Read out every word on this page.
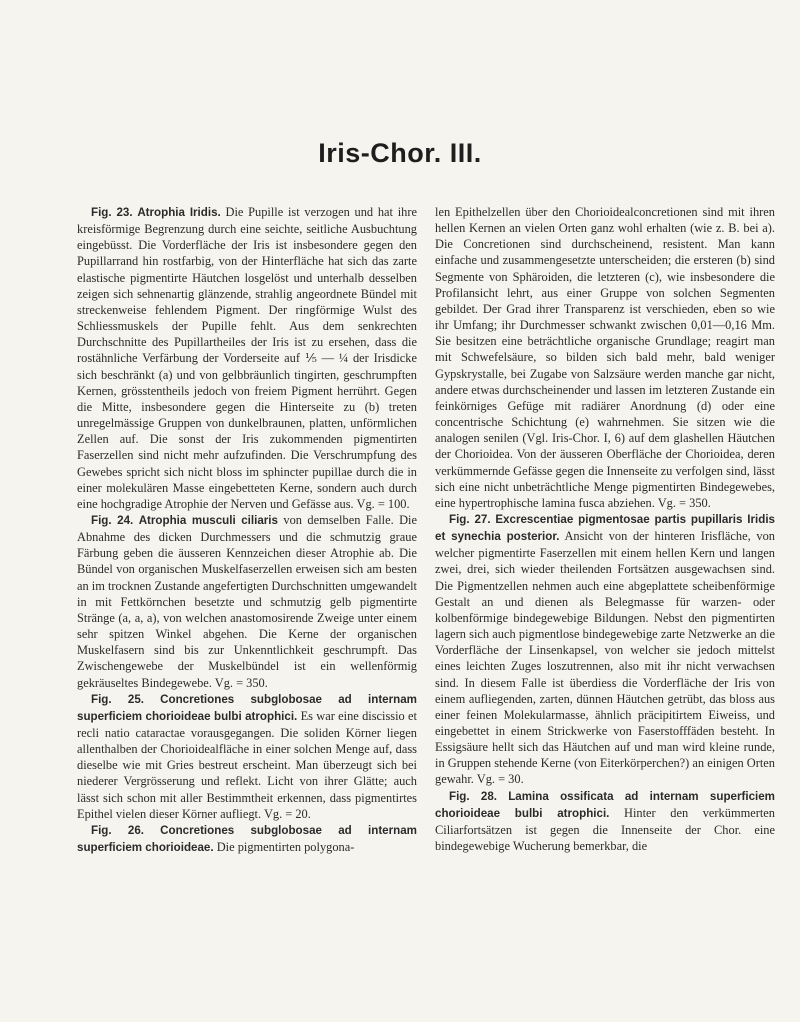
Iris-Chor. III.

Fig. 23. Atrophia Iridis. Die Pupille ist verzogen und hat ihre kreisförmige Begrenzung durch eine seichte, seitliche Ausbuchtung eingebüsst. Die Vorderfläche der Iris ist insbesondere gegen den Pupillarrand hin rostfarbig, von der Hinterfläche hat sich das zarte elastische pigmentirte Häutchen losgelöst und unterhalb desselben zeigen sich sehnenartig glänzende, strahlig angeordnete Bündel mit streckenweise fehlendem Pigment. Der ringförmige Wulst des Schliessmuskels der Pupille fehlt. Aus dem senkrechten Durchschnitte des Pupillartheiles der Iris ist zu ersehen, dass die rostähnliche Verfärbung der Vorderseite auf ⅕ — ¼ der Irisdicke sich beschränkt (a) und von gelbbräunlich tingirten, geschrumpften Kernen, grösstentheils jedoch von freiem Pigment herrührt. Gegen die Mitte, insbesondere gegen die Hinterseite zu (b) treten unregelmässige Gruppen von dunkelbraunen, platten, unförmlichen Zellen auf. Die sonst der Iris zukommenden pigmentirten Faserzellen sind nicht mehr aufzufinden. Die Verschrumpfung des Gewebes spricht sich nicht bloss im sphincter pupillae durch die in einer molekulären Masse eingebetteten Kerne, sondern auch durch eine hochgradige Atrophie der Nerven und Gefässe aus. Vg. = 100.

Fig. 24. Atrophia musculi ciliaris von demselben Falle. Die Abnahme des dicken Durchmessers und die schmutzig graue Färbung geben die äusseren Kennzeichen dieser Atrophie ab. Die Bündel von organischen Muskelfaserzellen erweisen sich am besten an im trocknen Zustande angefertigten Durchschnitten umgewandelt in mit Fettkörnchen besetzte und schmutzig gelb pigmentirte Stränge (a, a, a), von welchen anastomosirende Zweige unter einem sehr spitzen Winkel abgehen. Die Kerne der organischen Muskelfasern sind bis zur Unkenntlichkeit geschrumpft. Das Zwischengewebe der Muskelbündel ist ein wellenförmig gekräuseltes Bindegewebe. Vg. = 350.

Fig. 25. Concretiones subglobosae ad internam superficiem chorioideae bulbi atrophici. Es war eine discissio et recli natio cataractae vorausgegangen. Die soliden Körner liegen allenthalben der Chorioidealfläche in einer solchen Menge auf, dass dieselbe wie mit Gries bestreut erscheint. Man überzeugt sich bei niederer Vergrösserung und reflekt. Licht von ihrer Glätte; auch lässt sich schon mit aller Bestimmtheit erkennen, dass pigmentirtes Epithel vielen dieser Körner aufliegt. Vg. = 20.

Fig. 26. Concretiones subglobosae ad internam superficiem chorioideae. Die pigmentirten polygona-

len Epithelzellen über den Chorioidealconcretionen sind mit ihren hellen Kernen an vielen Orten ganz wohl erhalten (wie z. B. bei a). Die Concretionen sind durchscheinend, resistent. Man kann einfache und zusammengesetzte unterscheiden; die ersteren (b) sind Segmente von Sphäroiden, die letzteren (c), wie insbesondere die Profilansicht lehrt, aus einer Gruppe von solchen Segmenten gebildet. Der Grad ihrer Transparenz ist verschieden, eben so wie ihr Umfang; ihr Durchmesser schwankt zwischen 0,01—0,16 Mm. Sie besitzen eine beträchtliche organische Grundlage; reagirt man mit Schwefelsäure, so bilden sich bald mehr, bald weniger Gypskrystalle, bei Zugabe von Salzsäure werden manche gar nicht, andere etwas durchscheinender und lassen im letzteren Zustande ein feinkörniges Gefüge mit radiärer Anordnung (d) oder eine concentrische Schichtung (e) wahrnehmen. Sie sitzen wie die analogen senilen (Vgl. Iris-Chor. I, 6) auf dem glashellen Häutchen der Chorioidea. Von der äusseren Oberfläche der Chorioidea, deren verkümmernde Gefässe gegen die Innenseite zu verfolgen sind, lässt sich eine nicht unbeträchtliche Menge pigmentirten Bindegewebes, eine hypertrophische lamina fusca abziehen. Vg. = 350.

Fig. 27. Excrescentiae pigmentosae partis pupillaris Iridis et synechia posterior. Ansicht von der hinteren Irisfläche, von welcher pigmentirte Faserzellen mit einem hellen Kern und langen zwei, drei, sich wieder theilenden Fortsätzen ausgewachsen sind. Die Pigmentzellen nehmen auch eine abgeplattete scheibenförmige Gestalt an und dienen als Belegmasse für warzen- oder kolbenförmige bindegewebige Bildungen. Nebst den pigmentirten lagern sich auch pigmentlose bindegewebige zarte Netzwerke an die Vorderfläche der Linsenkapsel, von welcher sie jedoch mittelst eines leichten Zuges loszutrennen, also mit ihr nicht verwachsen sind. In diesem Falle ist überdiess die Vorderfläche der Iris von einem aufliegenden, zarten, dünnen Häutchen getrübt, das bloss aus einer feinen Molekularmasse, ähnlich präcipitirtem Eiweiss, und eingebettet in einem Strickwerke von Faserstofffäden besteht. In Essigsäure hellt sich das Häutchen auf und man wird kleine runde, in Gruppen stehende Kerne (von Eiterkörperchen?) an einigen Orten gewahr. Vg. = 30.

Fig. 28. Lamina ossificata ad internam superficiem chorioideae bulbi atrophici. Hinter den verkümmerten Ciliarfortsätzen ist gegen die Innenseite der Chor. eine bindegewebige Wucherung bemerkbar, die
